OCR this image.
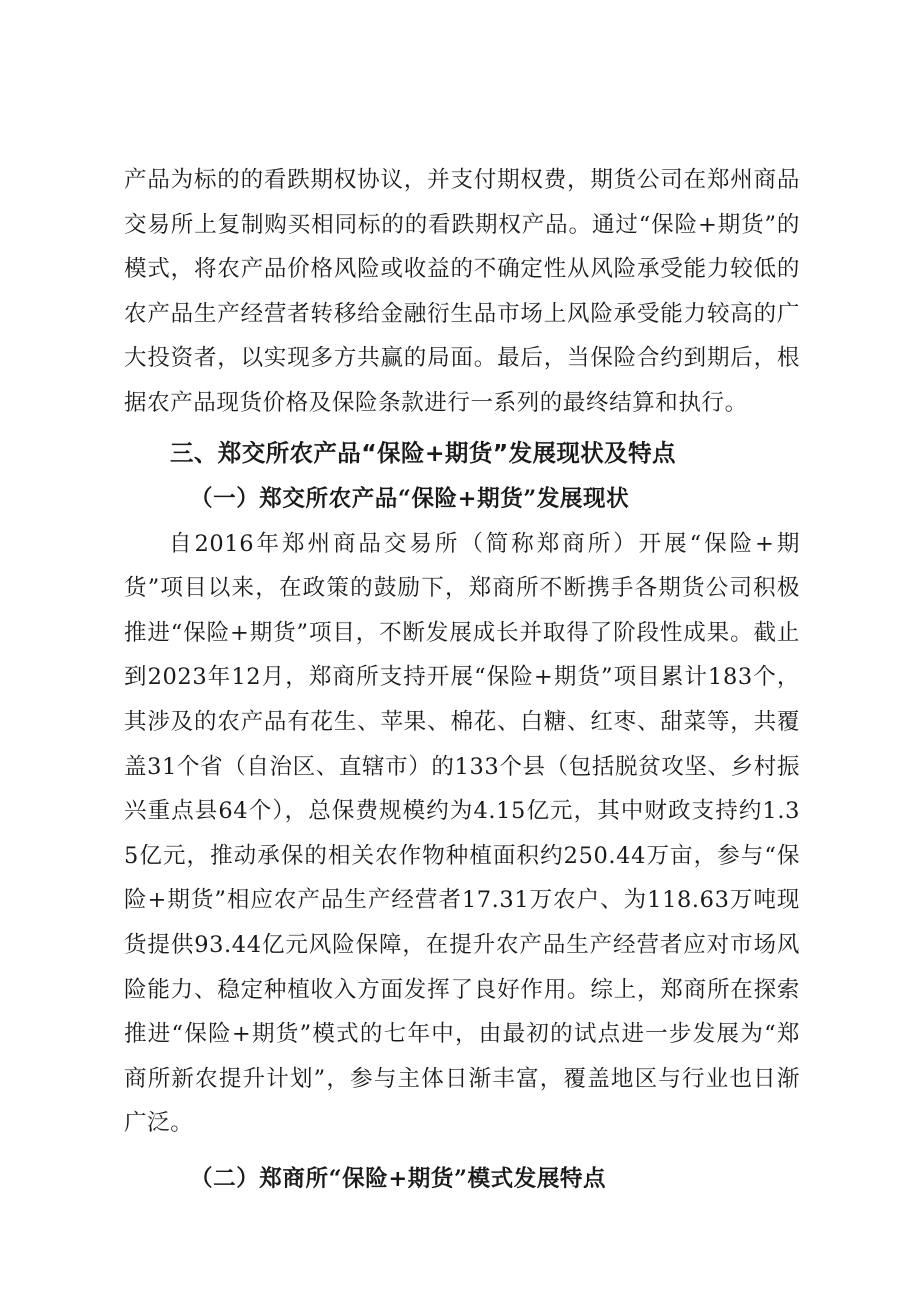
产品为标的的看跌期权协议，并支付期权费，期货公司在郑州商品交易所上复制购买相同标的的看跌期权产品。通过“保险+期货”的模式，将农产品价格风险或收益的不确定性从风险承受能力较低的农产品生产经营者转移给金融衍生品市场上风险承受能力较高的广大投资者，以实现多方共赢的局面。最后，当保险合约到期后，根据农产品现货价格及保险条款进行一系列的最终结算和执行。

三、郑交所农产品“保险+期货”发展现状及特点
（一）郑交所农产品“保险+期货”发展现状

自2016年郑州商品交易所（简称郑商所）开展“保险+期货”项目以来，在政策的鼓励下，郑商所不断携手各期货公司积极推进“保险+期货”项目，不断发展成长并取得了阶段性成果。截止到2023年12月，郑商所支持开展“保险+期货”项目累计183个，其涉及的农产品有花生、苹果、棉花、白糖、红枣、甜菜等，共覆盖31个省（自治区、直辖市）的133个县（包括脱贫攻坚、乡村振兴重点县64个），总保费规模约为4.15亿元，其中财政支持约1.35亿元，推动承保的相关农作物种植面积约250.44万亩，参与“保险+期货”相应农产品生产经营者17.31万农户、为118.63万吨现货提供93.44亿元风险保障，在提升农产品生产经营者应对市场风险能力、稳定种植收入方面发挥了良好作用。综上，郑商所在探索推进“保险+期货”模式的七年中，由最初的试点进一步发展为“郑商所新农提升计划”，参与主体日渐丰富，覆盖地区与行业也日渐广泛。

（二）郑商所“保险+期货”模式发展特点
